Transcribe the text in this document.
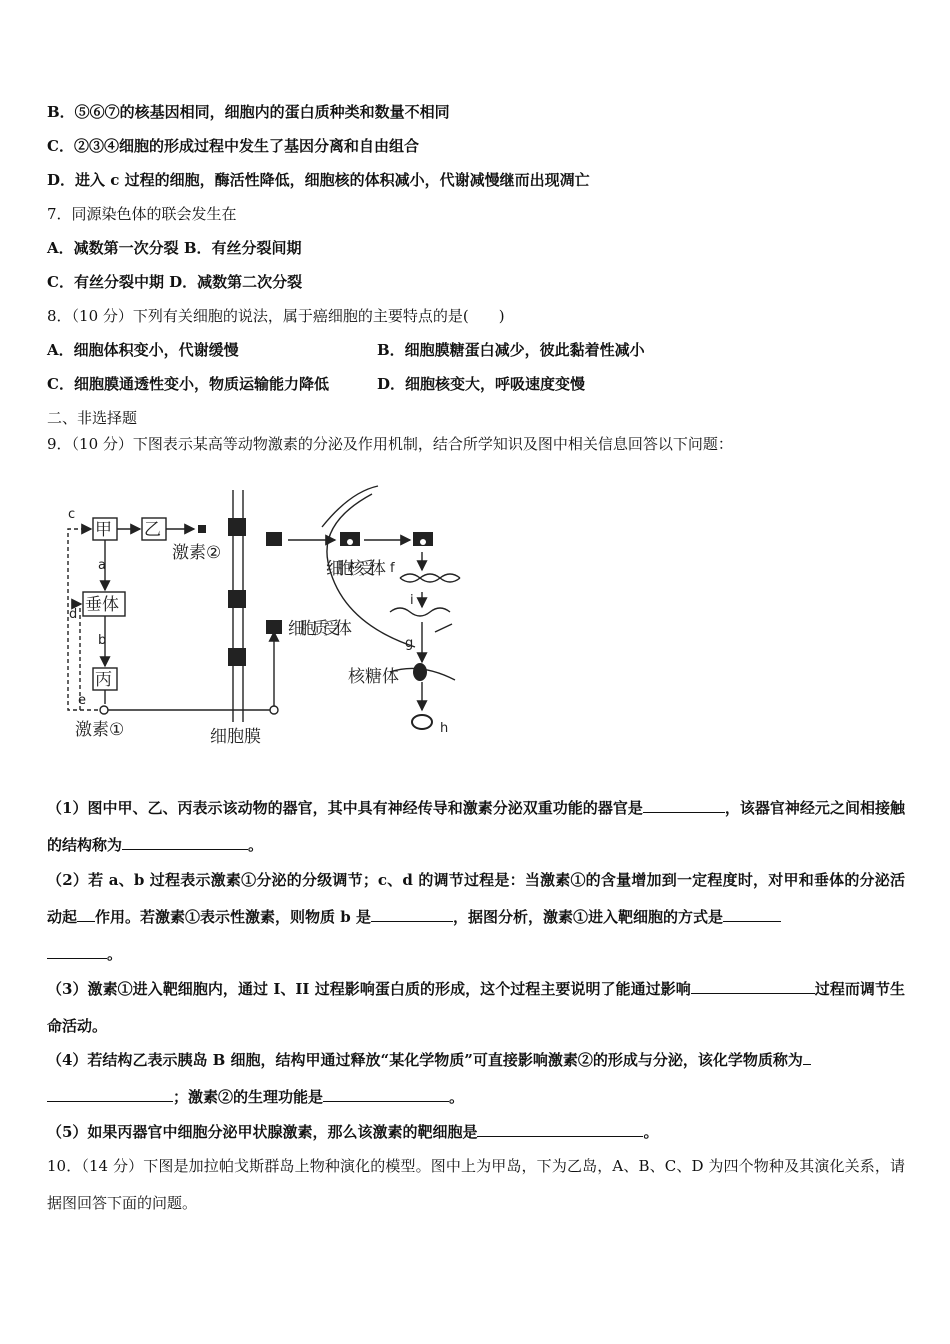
B．⑤⑥⑦的核基因相同，细胞内的蛋白质种类和数量不相同
C．②③④细胞的形成过程中发生了基因分离和自由组合
D．进入 c 过程的细胞，酶活性降低，细胞核的体积减小，代谢减慢继而出现凋亡
7．同源染色体的联会发生在
A．减数第一次分裂 B．有丝分裂间期
C．有丝分裂中期 D．减数第二次分裂
8．（10 分）下列有关细胞的说法，属于癌细胞的主要特点的是(　　)
A．细胞体积变小，代谢缓慢	B．细胞膜糖蛋白减少，彼此黏着性减小
C．细胞膜通透性变小，物质运输能力降低	D．细胞核变大，呼吸速度变慢
二、非选择题
9．（10 分）下图表示某高等动物激素的分泌及作用机制，结合所学知识及图中相关信息回答以下问题：
甲 乙
垂体
丙
激素②
激素①	细胞膜
细胞质受体
细胞核受体
核糖体
a
b
c
d
e
f
g
h
i
（1）图中甲、乙、丙表示该动物的器官，其中具有神经传导和激素分泌双重功能的器官是	，该器官神经元之间相接触的结构称为	。
（2）若 a、b 过程表示激素①分泌的分级调节；c、d 的调节过程是：当激素①的含量增加到一定程度时，对甲和垂体的分泌活动起 作用。若激素①表示性激素，则物质 b 是	，据图分析，激素①进入靶细胞的方式是
。
（3）激素①进入靶细胞内，通过 I、II 过程影响蛋白质的形成，这个过程主要说明了能通过影响	过程而调节生命活动。
（4）若结构乙表示胰岛 B 细胞，结构甲通过释放“某化学物质”可直接影响激素②的形成与分泌，该化学物质称为
；激素②的生理功能是	。
（5）如果丙器官中细胞分泌甲状腺激素，那么该激素的靶细胞是	。
10．（14 分）下图是加拉帕戈斯群岛上物种演化的模型。图中上为甲岛，下为乙岛，A、B、C、D 为四个物种及其演化关系，请据图回答下面的问题。
